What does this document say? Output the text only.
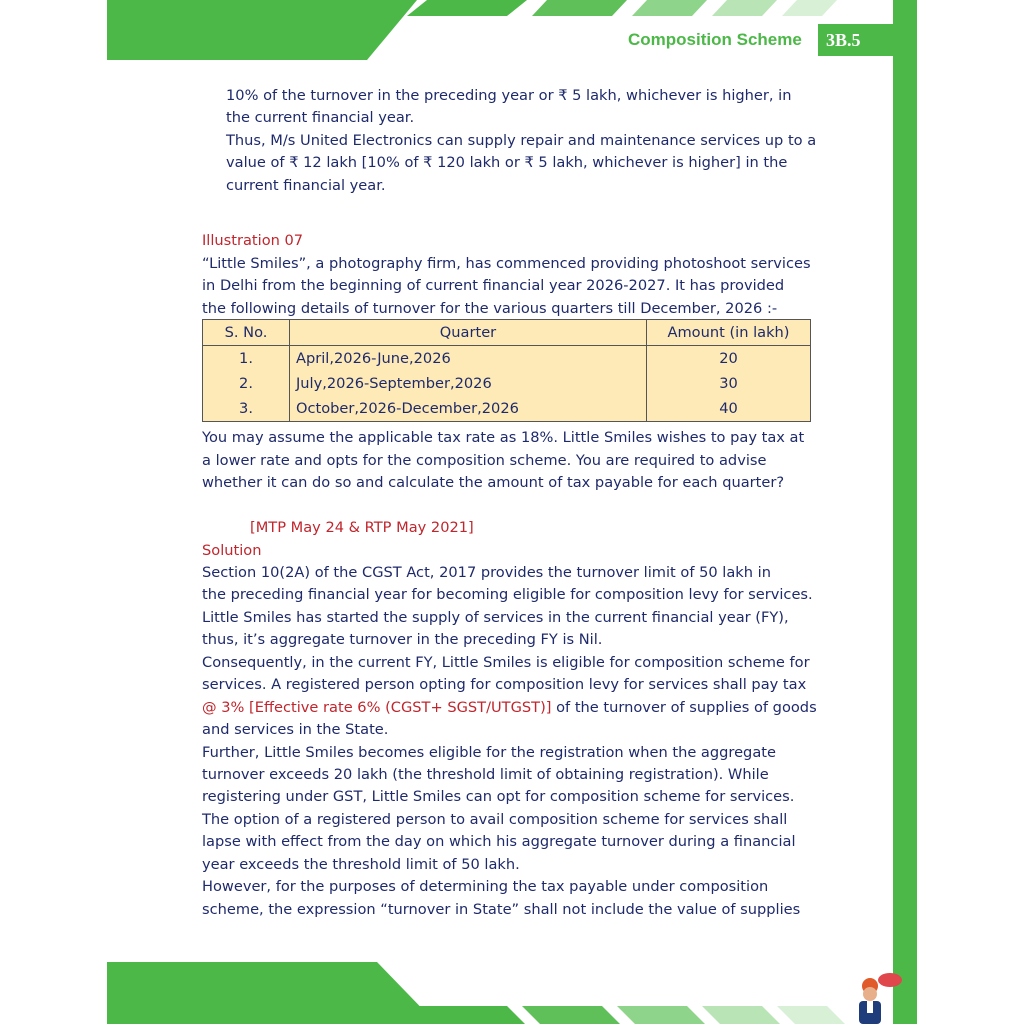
Composition Scheme	3B.5
10% of the turnover in the preceding year or ₹ 5 lakh, whichever is higher, in
the current financial year.
Thus, M/s United Electronics can supply repair and maintenance services up to a
value of ₹ 12 lakh [10% of ₹ 120 lakh or ₹ 5 lakh, whichever is higher] in the
current financial year.
Illustration 07
“Little Smiles”, a photography firm, has commenced providing photoshoot services
in Delhi from the beginning of current financial year 2026-2027. It has provided
the following details of turnover for the various quarters till December, 2026 :-
You may assume the applicable tax rate as 18%. Little Smiles wishes to pay tax at
a lower rate and opts for the composition scheme. You are required to advise
whether it can do so and calculate the amount of tax payable for each quarter?
[MTP May 24 & RTP May 2021]
Solution
Section 10(2A) of the CGST Act, 2017 provides the turnover limit of 50 lakh in
the preceding financial year for becoming eligible for composition levy for services.
Little Smiles has started the supply of services in the current financial year (FY),
thus, it’s aggregate turnover in the preceding FY is Nil.
Consequently, in the current FY, Little Smiles is eligible for composition scheme for
services. A registered person opting for composition levy for services shall pay tax
@ 3% [Effective rate 6% (CGST+ SGST/UTGST)] of the turnover of supplies of goods
and services in the State.
Further, Little Smiles becomes eligible for the registration when the aggregate
turnover exceeds 20 lakh (the threshold limit of obtaining registration). While
registering under GST, Little Smiles can opt for composition scheme for services.
The option of a registered person to avail composition scheme for services shall
lapse with effect from the day on which his aggregate turnover during a financial
year exceeds the threshold limit of 50 lakh.
However, for the purposes of determining the tax payable under composition
scheme, the expression “turnover in State” shall not include the value of supplies
S. No.	Quarter	Amount (in lakh)
1.	April,2026-June,2026	20
2.	July,2026-September,2026	30
3.	October,2026-December,2026	40
